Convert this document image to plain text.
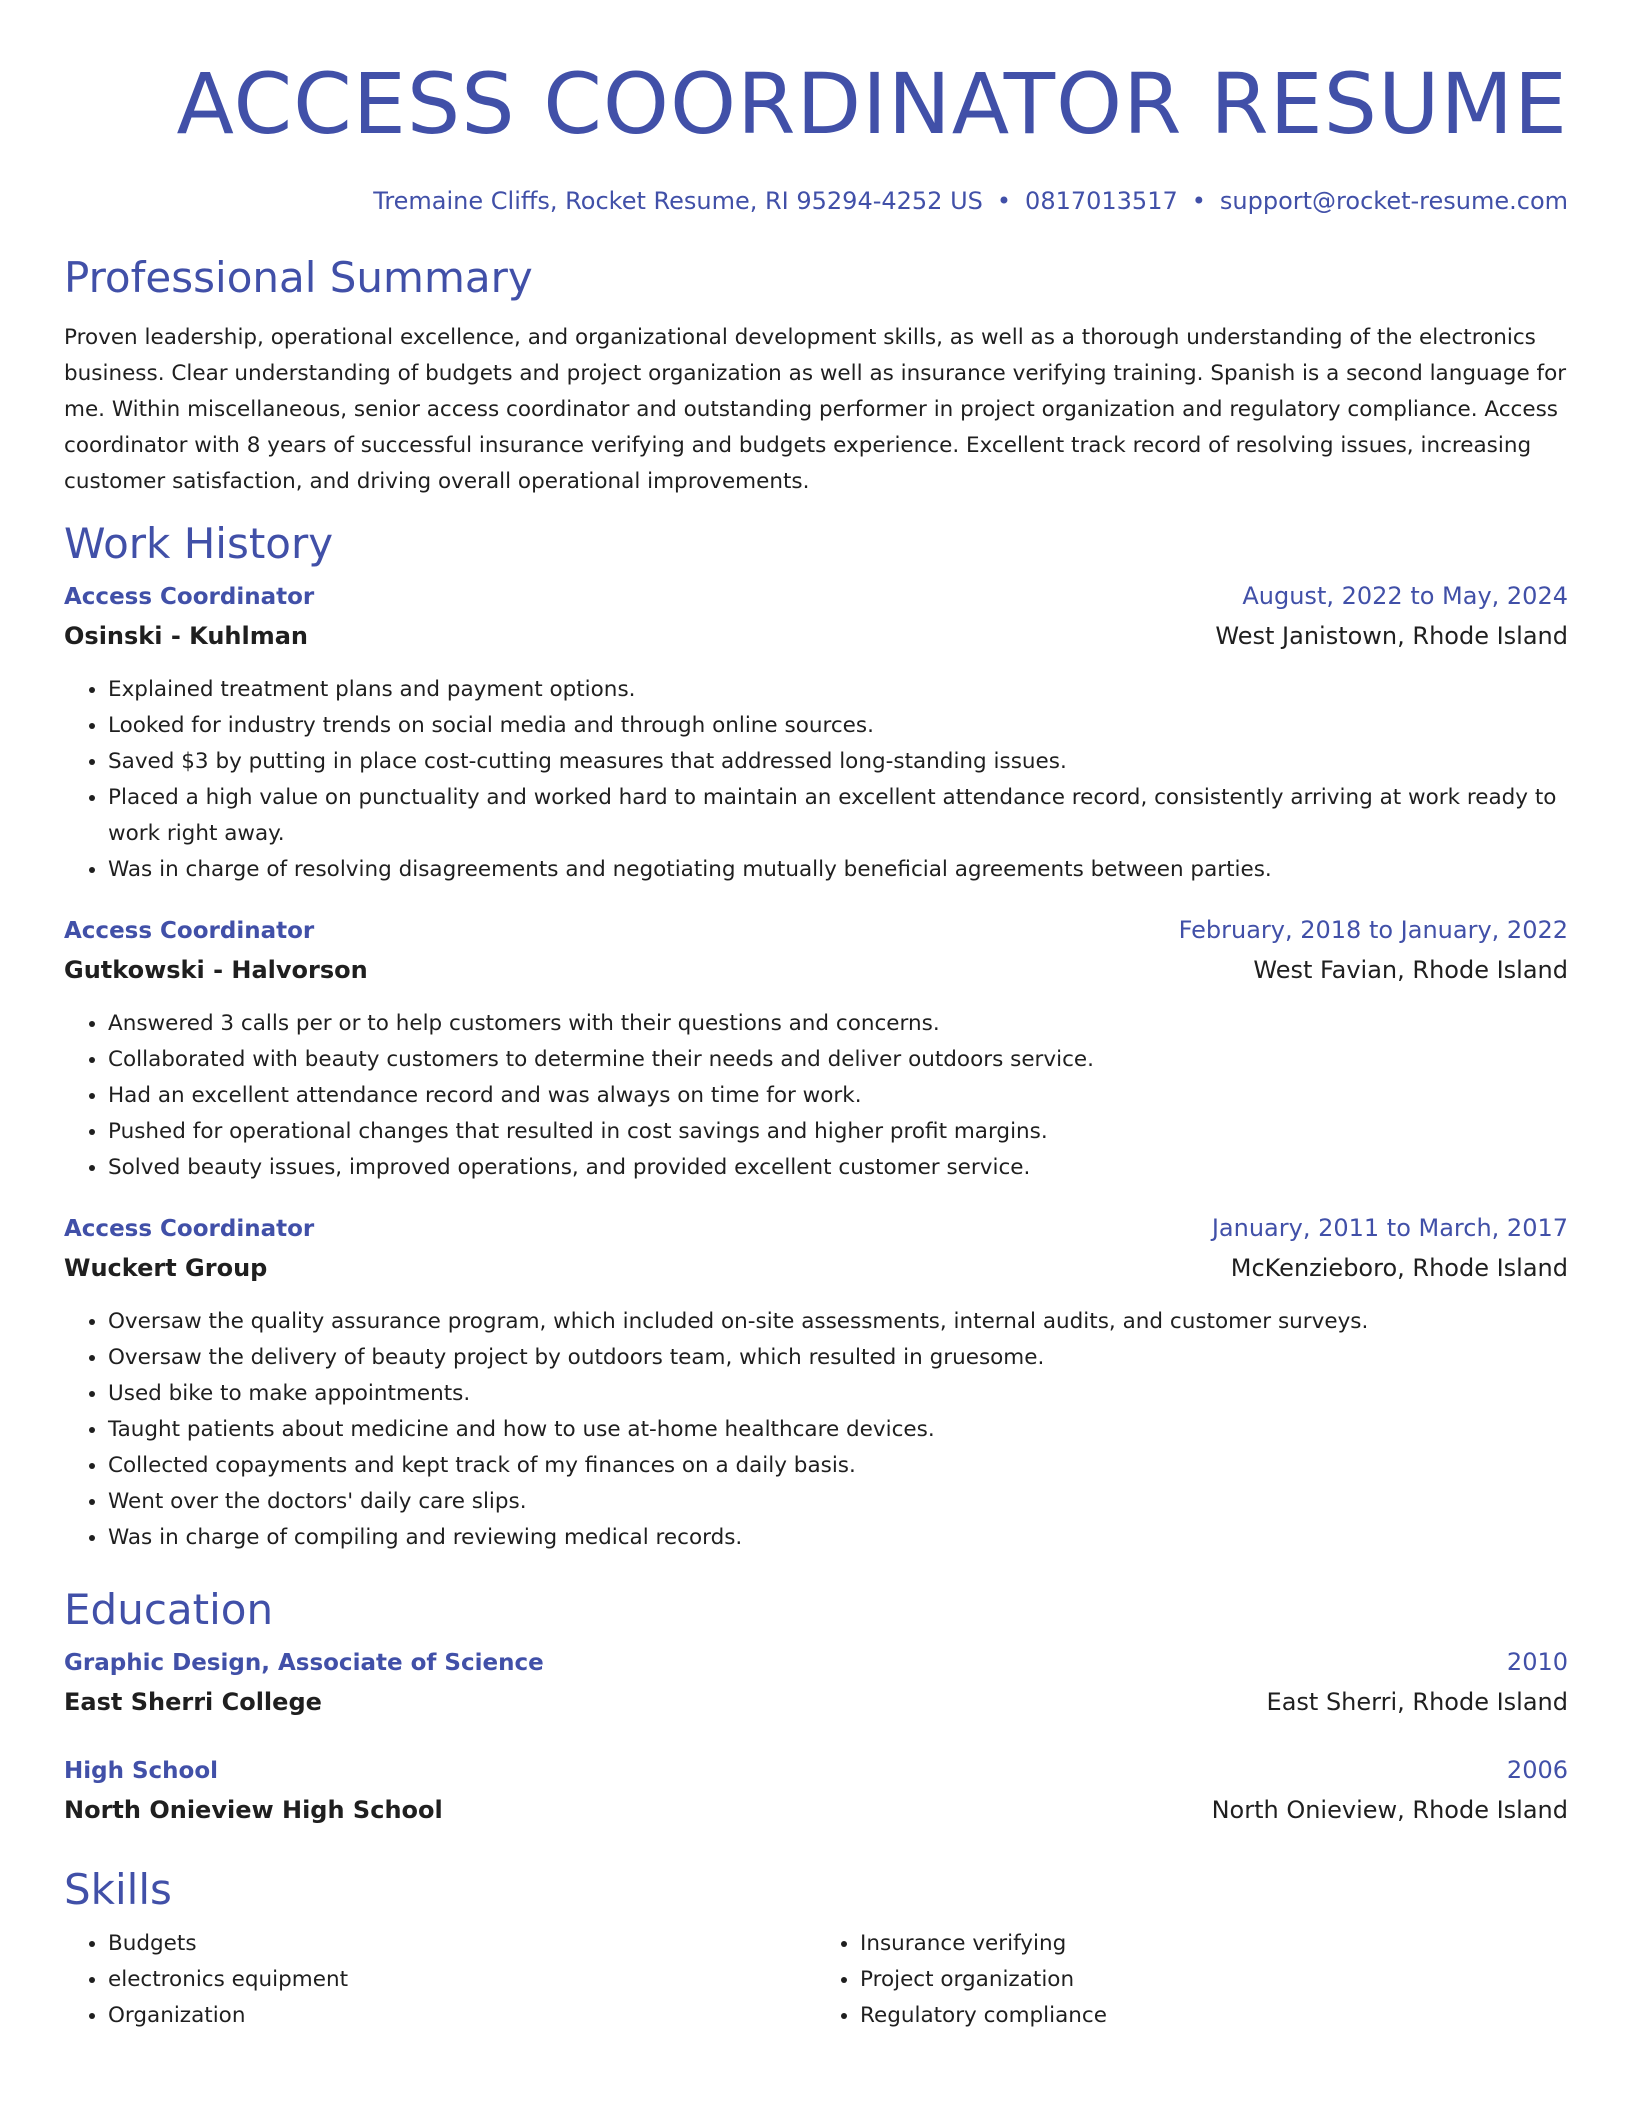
ACCESS COORDINATOR RESUME
Tremaine Cliffs, Rocket Resume, RI 95294-4252 US • 0817013517 • support@rocket-resume.com
Professional Summary

Proven leadership, operational excellence, and organizational development skills, as well as a thorough understanding of the electronics business. Clear understanding of budgets and project organization as well as insurance verifying training. Spanish is a second language for me. Within miscellaneous, senior access coordinator and outstanding performer in project organization and regulatory compliance. Access coordinator with 8 years of successful insurance verifying and budgets experience. Excellent track record of resolving issues, increasing customer satisfaction, and driving overall operational improvements.

Work History
Access Coordinator	August, 2022 to May, 2024
Osinski - Kuhlman	West Janistown, Rhode Island
• Explained treatment plans and payment options.
• Looked for industry trends on social media and through online sources.
• Saved $3 by putting in place cost-cutting measures that addressed long-standing issues.
• Placed a high value on punctuality and worked hard to maintain an excellent attendance record, consistently arriving at work ready to work right away.
• Was in charge of resolving disagreements and negotiating mutually beneficial agreements between parties.
Access Coordinator	February, 2018 to January, 2022
Gutkowski - Halvorson	West Favian, Rhode Island
• Answered 3 calls per or to help customers with their questions and concerns.
• Collaborated with beauty customers to determine their needs and deliver outdoors service.
• Had an excellent attendance record and was always on time for work.
• Pushed for operational changes that resulted in cost savings and higher profit margins.
• Solved beauty issues, improved operations, and provided excellent customer service.
Access Coordinator	January, 2011 to March, 2017
Wuckert Group	McKenzieboro, Rhode Island
• Oversaw the quality assurance program, which included on-site assessments, internal audits, and customer surveys.
• Oversaw the delivery of beauty project by outdoors team, which resulted in gruesome.
• Used bike to make appointments.
• Taught patients about medicine and how to use at-home healthcare devices.
• Collected copayments and kept track of my finances on a daily basis.
• Went over the doctors' daily care slips.
• Was in charge of compiling and reviewing medical records.
Education
Graphic Design, Associate of Science	2010
East Sherri College	East Sherri, Rhode Island
High School	2006
North Onieview High School	North Onieview, Rhode Island
Skills
• Budgets
• electronics equipment
• Organization
• Insurance verifying
• Project organization
• Regulatory compliance
